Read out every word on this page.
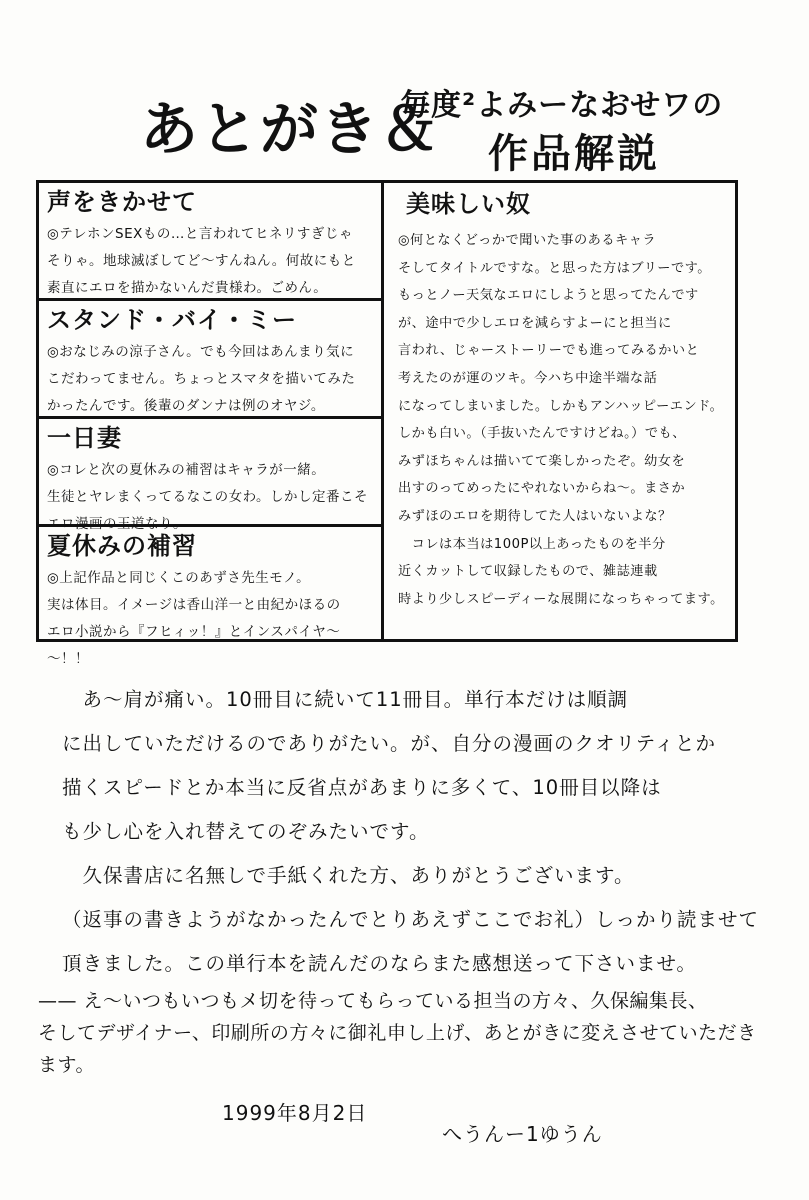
あとがき＆
毎度²よみーなおせワの
作品解説
声をきかせて

◎テレホンSEXもの…と言われてヒネリすぎじゃ
そりゃ。地球滅ぼしてど～すんねん。何故にもと
素直にエロを描かないんだ貴様わ。ごめん。

スタンド・バイ・ミー

◎おなじみの涼子さん。でも今回はあんまり気に
こだわってません。ちょっとスマタを描いてみた
かったんです。後輩のダンナは例のオヤジ。

一日妻

◎コレと次の夏休みの補習はキャラが一緒。
生徒とヤレまくってるなこの女わ。しかし定番こそ
エロ漫画の王道なり。

夏休みの補習

◎上記作品と同じくこのあずさ先生モノ。
実は体目。イメージは香山洋一と由紀かほるの
エロ小説から『フヒィッ！』とインスパイヤ～～！！

美味しい奴

◎何となくどっかで聞いた事のあるキャラ
そしてタイトルですな。と思った方はブリーです。
もっとノー天気なエロにしようと思ってたんです
が、途中で少しエロを減らすよーにと担当に
言われ、じゃーストーリーでも進ってみるかいと
考えたのが運のツキ。今ハち中途半端な話
になってしまいました。しかもアンハッピーエンド。
しかも白い。（手抜いたんですけどね。）でも、
みずほちゃんは描いてて楽しかったぞ。幼女を
出すのってめったにやれないからね～。まさか
みずほのエロを期待してた人はいないよな？
　コレは本当は100P以上あったものを半分
近くカットして収録したもので、雑誌連載
時より少しスピーディーな展開になっちゃってます。

　あ～肩が痛い。10冊目に続いて11冊目。単行本だけは順調
に出していただけるのでありがたい。が、自分の漫画のクオリティとか
描くスピードとか本当に反省点があまりに多くて、10冊目以降は
も少し心を入れ替えてのぞみたいです。
　久保書店に名無しで手紙くれた方、ありがとうございます。
（返事の書きようがなかったんでとりあえずここでお礼）しっかり読ませて
頂きました。この単行本を読んだのならまた感想送って下さいませ。
—— え～いつもいつもメ切を待ってもらっている担当の方々、久保編集長、
そしてデザイナー、印刷所の方々に御礼申し上げ、あとがきに変えさせていただき
ます。
1999年8月2日
へうんー1ゆうん
